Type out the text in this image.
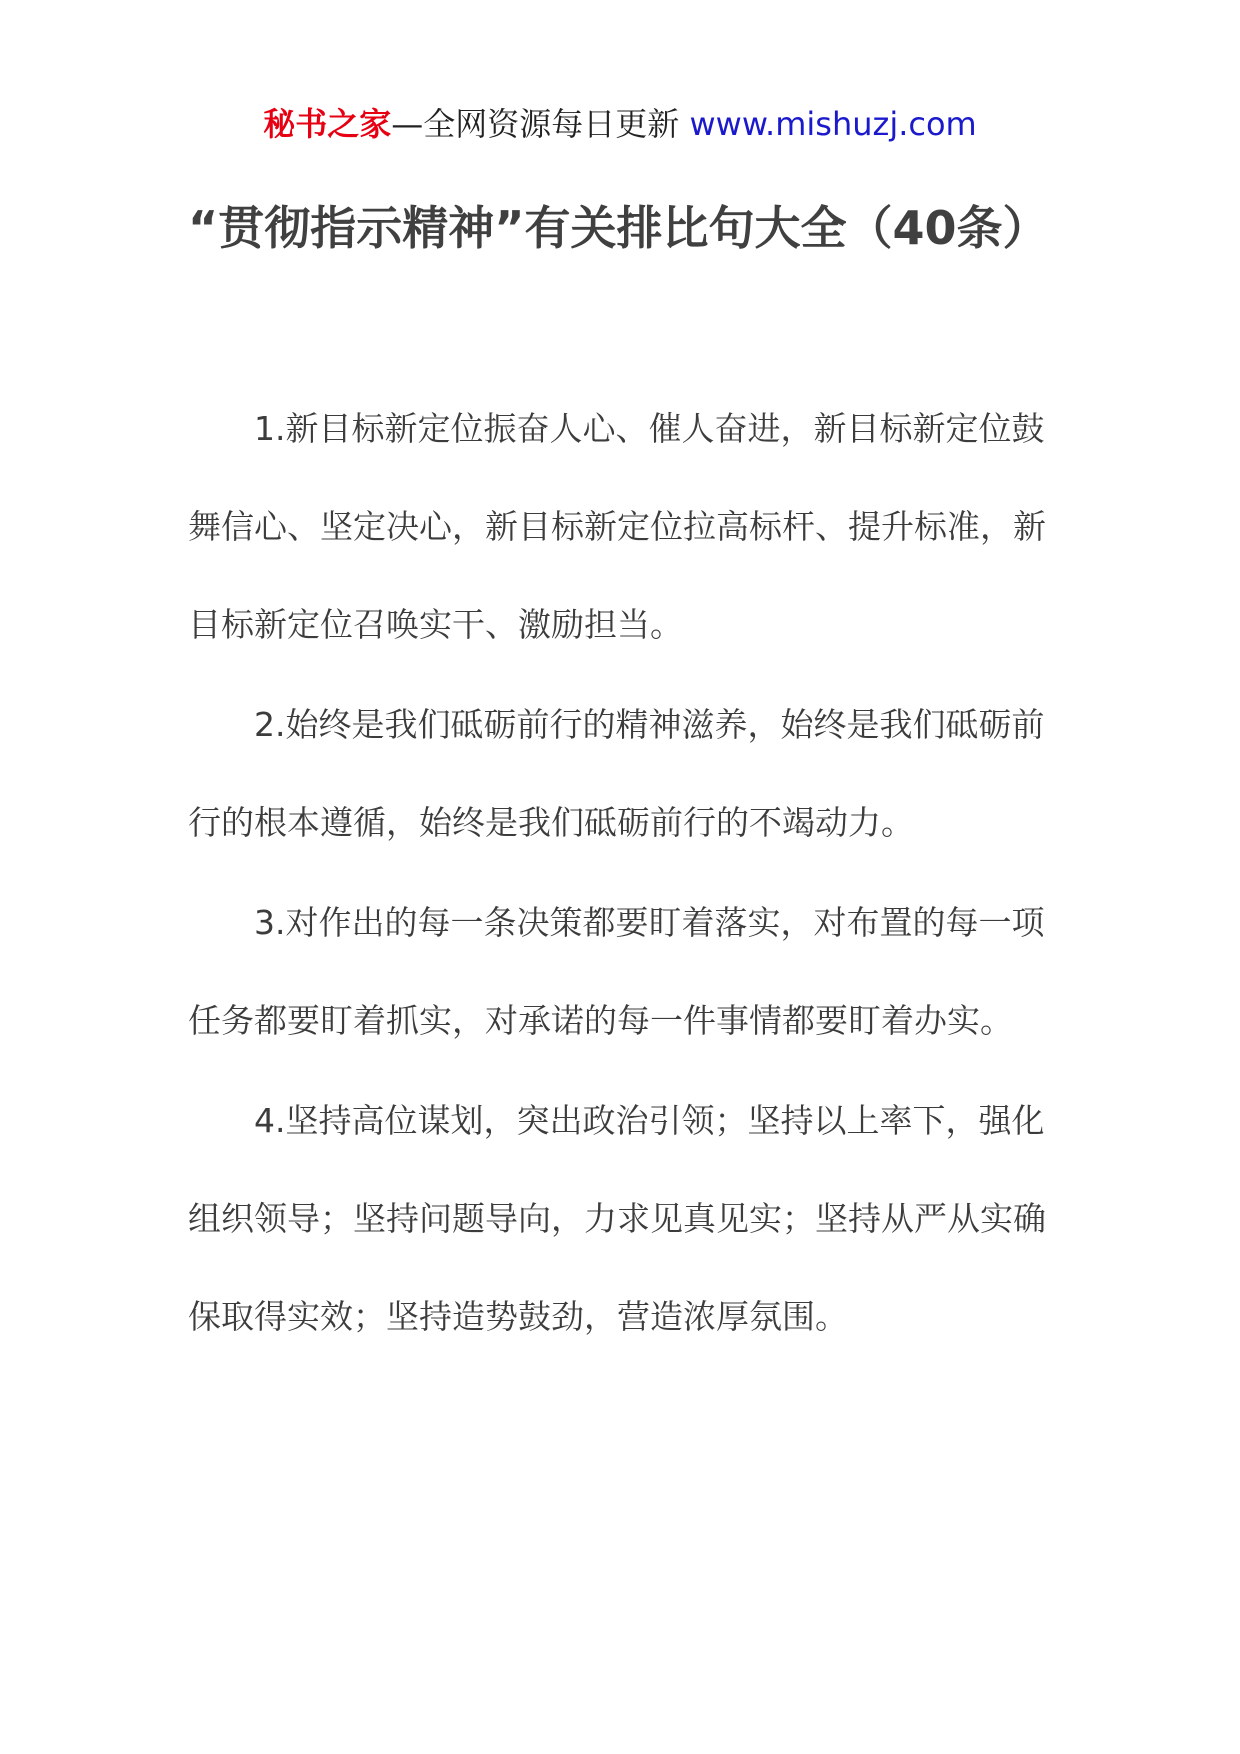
秘书之家—全网资源每日更新 www.mishuzj.com
“贯彻指示精神”有关排比句大全（40条）

1.新目标新定位振奋人心、催人奋进，新目标新定位鼓舞信心、坚定决心，新目标新定位拉高标杆、提升标准，新目标新定位召唤实干、激励担当。

2.始终是我们砥砺前行的精神滋养，始终是我们砥砺前行的根本遵循，始终是我们砥砺前行的不竭动力。

3.对作出的每一条决策都要盯着落实，对布置的每一项任务都要盯着抓实，对承诺的每一件事情都要盯着办实。

4.坚持高位谋划，突出政治引领；坚持以上率下，强化组织领导；坚持问题导向，力求见真见实；坚持从严从实确保取得实效；坚持造势鼓劲，营造浓厚氛围。
